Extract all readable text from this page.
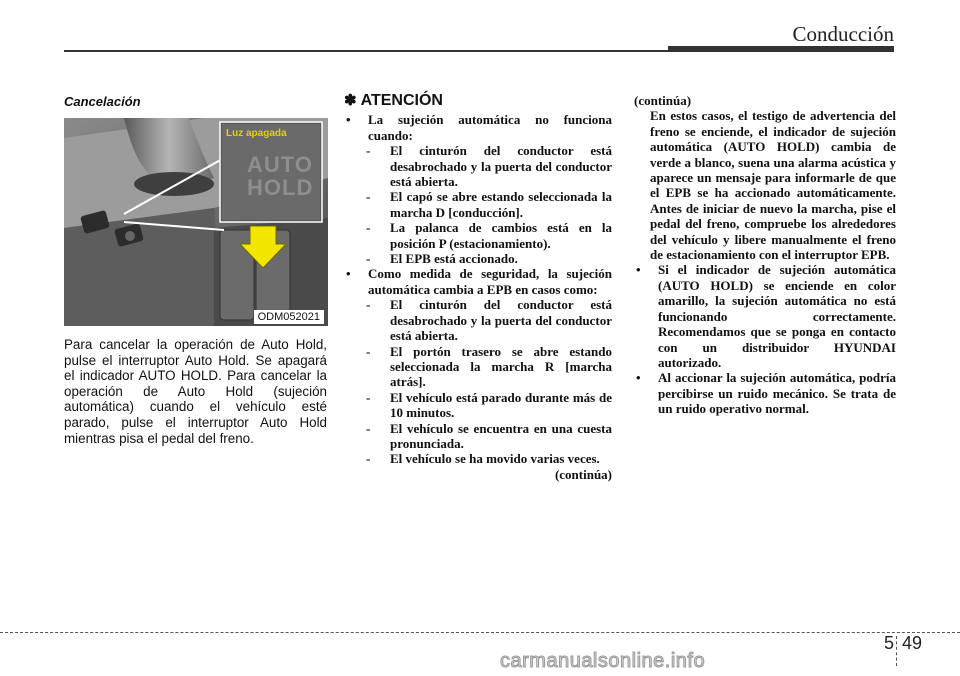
Conducción
Cancelación
Luz apagada
AUTO
HOLD
ODM052021

Para cancelar la operación de Auto Hold, pulse el interruptor Auto Hold. Se apagará el indicador AUTO HOLD. Para cancelar la operación de Auto Hold (sujeción automática) cuando el vehículo esté parado, pulse el interruptor Auto Hold mientras pisa el pedal del freno.

✽ ATENCIÓN
• La sujeción automática no funciona cuando:
- El cinturón del conductor está desabrochado y la puerta del conductor está abierta.
- El capó se abre estando seleccionada la marcha D [conducción].
- La palanca de cambios está en la posición P (estacionamiento).
- El EPB está accionado.
• Como medida de seguridad, la sujeción automática cambia a EPB en casos como:
- El cinturón del conductor está desabrochado y la puerta del conductor está abierta.
- El portón trasero se abre estando seleccionada la marcha R [marcha atrás].
- El vehículo está parado durante más de 10 minutos.
- El vehículo se encuentra en una cuesta pronunciada.
- El vehículo se ha movido varias veces.
(continúa)
(continúa)
En estos casos, el testigo de advertencia del freno se enciende, el indicador de sujeción automática (AUTO HOLD) cambia de verde a blanco, suena una alarma acústica y aparece un mensaje para informarle de que el EPB se ha accionado automáticamente. Antes de iniciar de nuevo la marcha, pise el pedal del freno, compruebe los alrededores del vehículo y libere manualmente el freno de estacionamiento con el interruptor EPB.
• Si el indicador de sujeción automática (AUTO HOLD) se enciende en color amarillo, la sujeción automática no está funcionando correctamente. Recomendamos que se ponga en contacto con un distribuidor HYUNDAI autorizado.
• Al accionar la sujeción automática, podría percibirse un ruido mecánico. Se trata de un ruido operativo normal.
5 49
carmanualsonline.info
